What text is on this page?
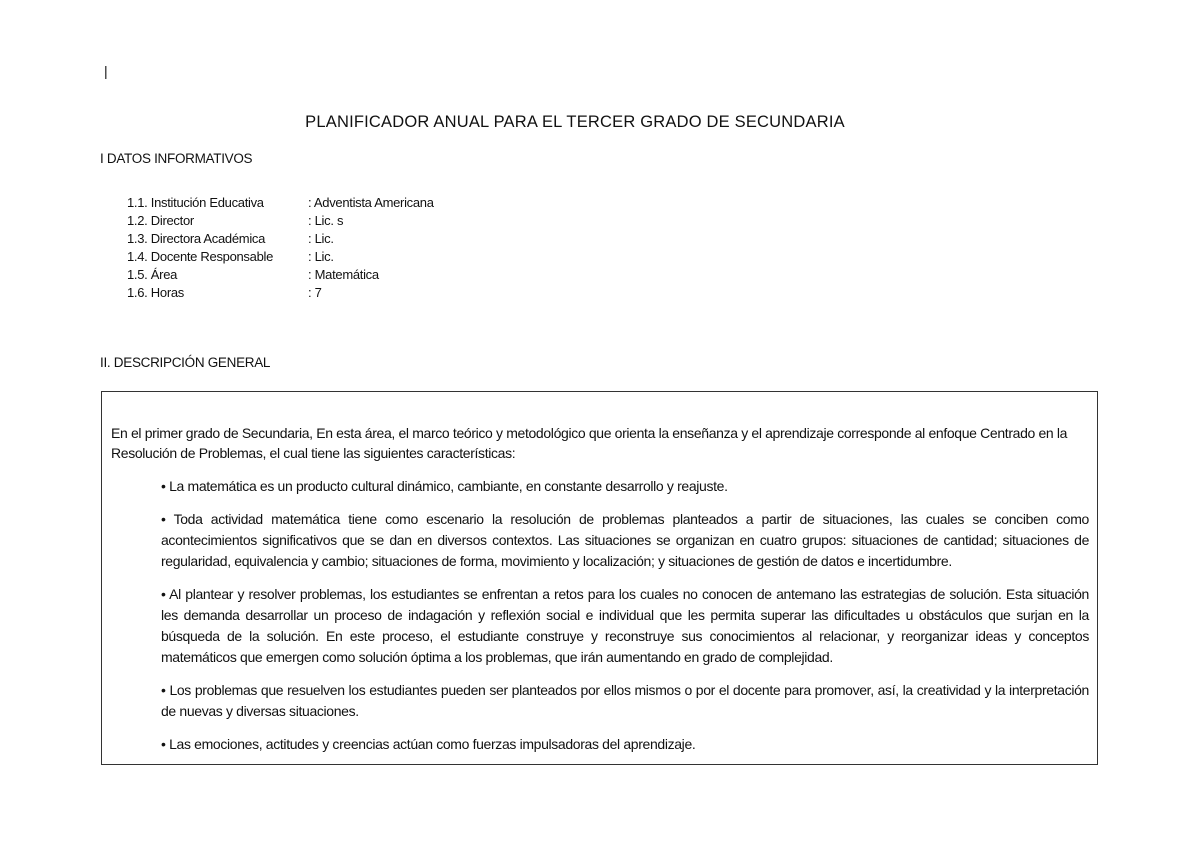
|
PLANIFICADOR ANUAL PARA EL TERCER GRADO DE SECUNDARIA
I DATOS INFORMATIVOS
1.1. Institución Educativa	: Adventista Americana
1.2. Director	: Lic. s
1.3. Directora Académica	: Lic.
1.4. Docente Responsable	: Lic.
1.5. Área	: Matemática
1.6. Horas	: 7
II. DESCRIPCIÓN GENERAL
En el primer grado de Secundaria, En esta área, el marco teórico y metodológico que orienta la enseñanza y el aprendizaje corresponde al enfoque Centrado en la Resolución de Problemas, el cual tiene las siguientes características:
• La matemática es un producto cultural dinámico, cambiante, en constante desarrollo y reajuste.
• Toda actividad matemática tiene como escenario la resolución de problemas planteados a partir de situaciones, las cuales se conciben como acontecimientos significativos que se dan en diversos contextos. Las situaciones se organizan en cuatro grupos: situaciones de cantidad; situaciones de regularidad, equivalencia y cambio; situaciones de forma, movimiento y localización; y situaciones de gestión de datos e incertidumbre.
• Al plantear y resolver problemas, los estudiantes se enfrentan a retos para los cuales no conocen de antemano las estrategias de solución. Esta situación les demanda desarrollar un proceso de indagación y reflexión social e individual que les permita superar las dificultades u obstáculos que surjan en la búsqueda de la solución. En este proceso, el estudiante construye y reconstruye sus conocimientos al relacionar, y reorganizar ideas y conceptos matemáticos que emergen como solución óptima a los problemas, que irán aumentando en grado de complejidad.
• Los problemas que resuelven los estudiantes pueden ser planteados por ellos mismos o por el docente para promover, así, la creatividad y la interpretación de nuevas y diversas situaciones.
• Las emociones, actitudes y creencias actúan como fuerzas impulsadoras del aprendizaje.
